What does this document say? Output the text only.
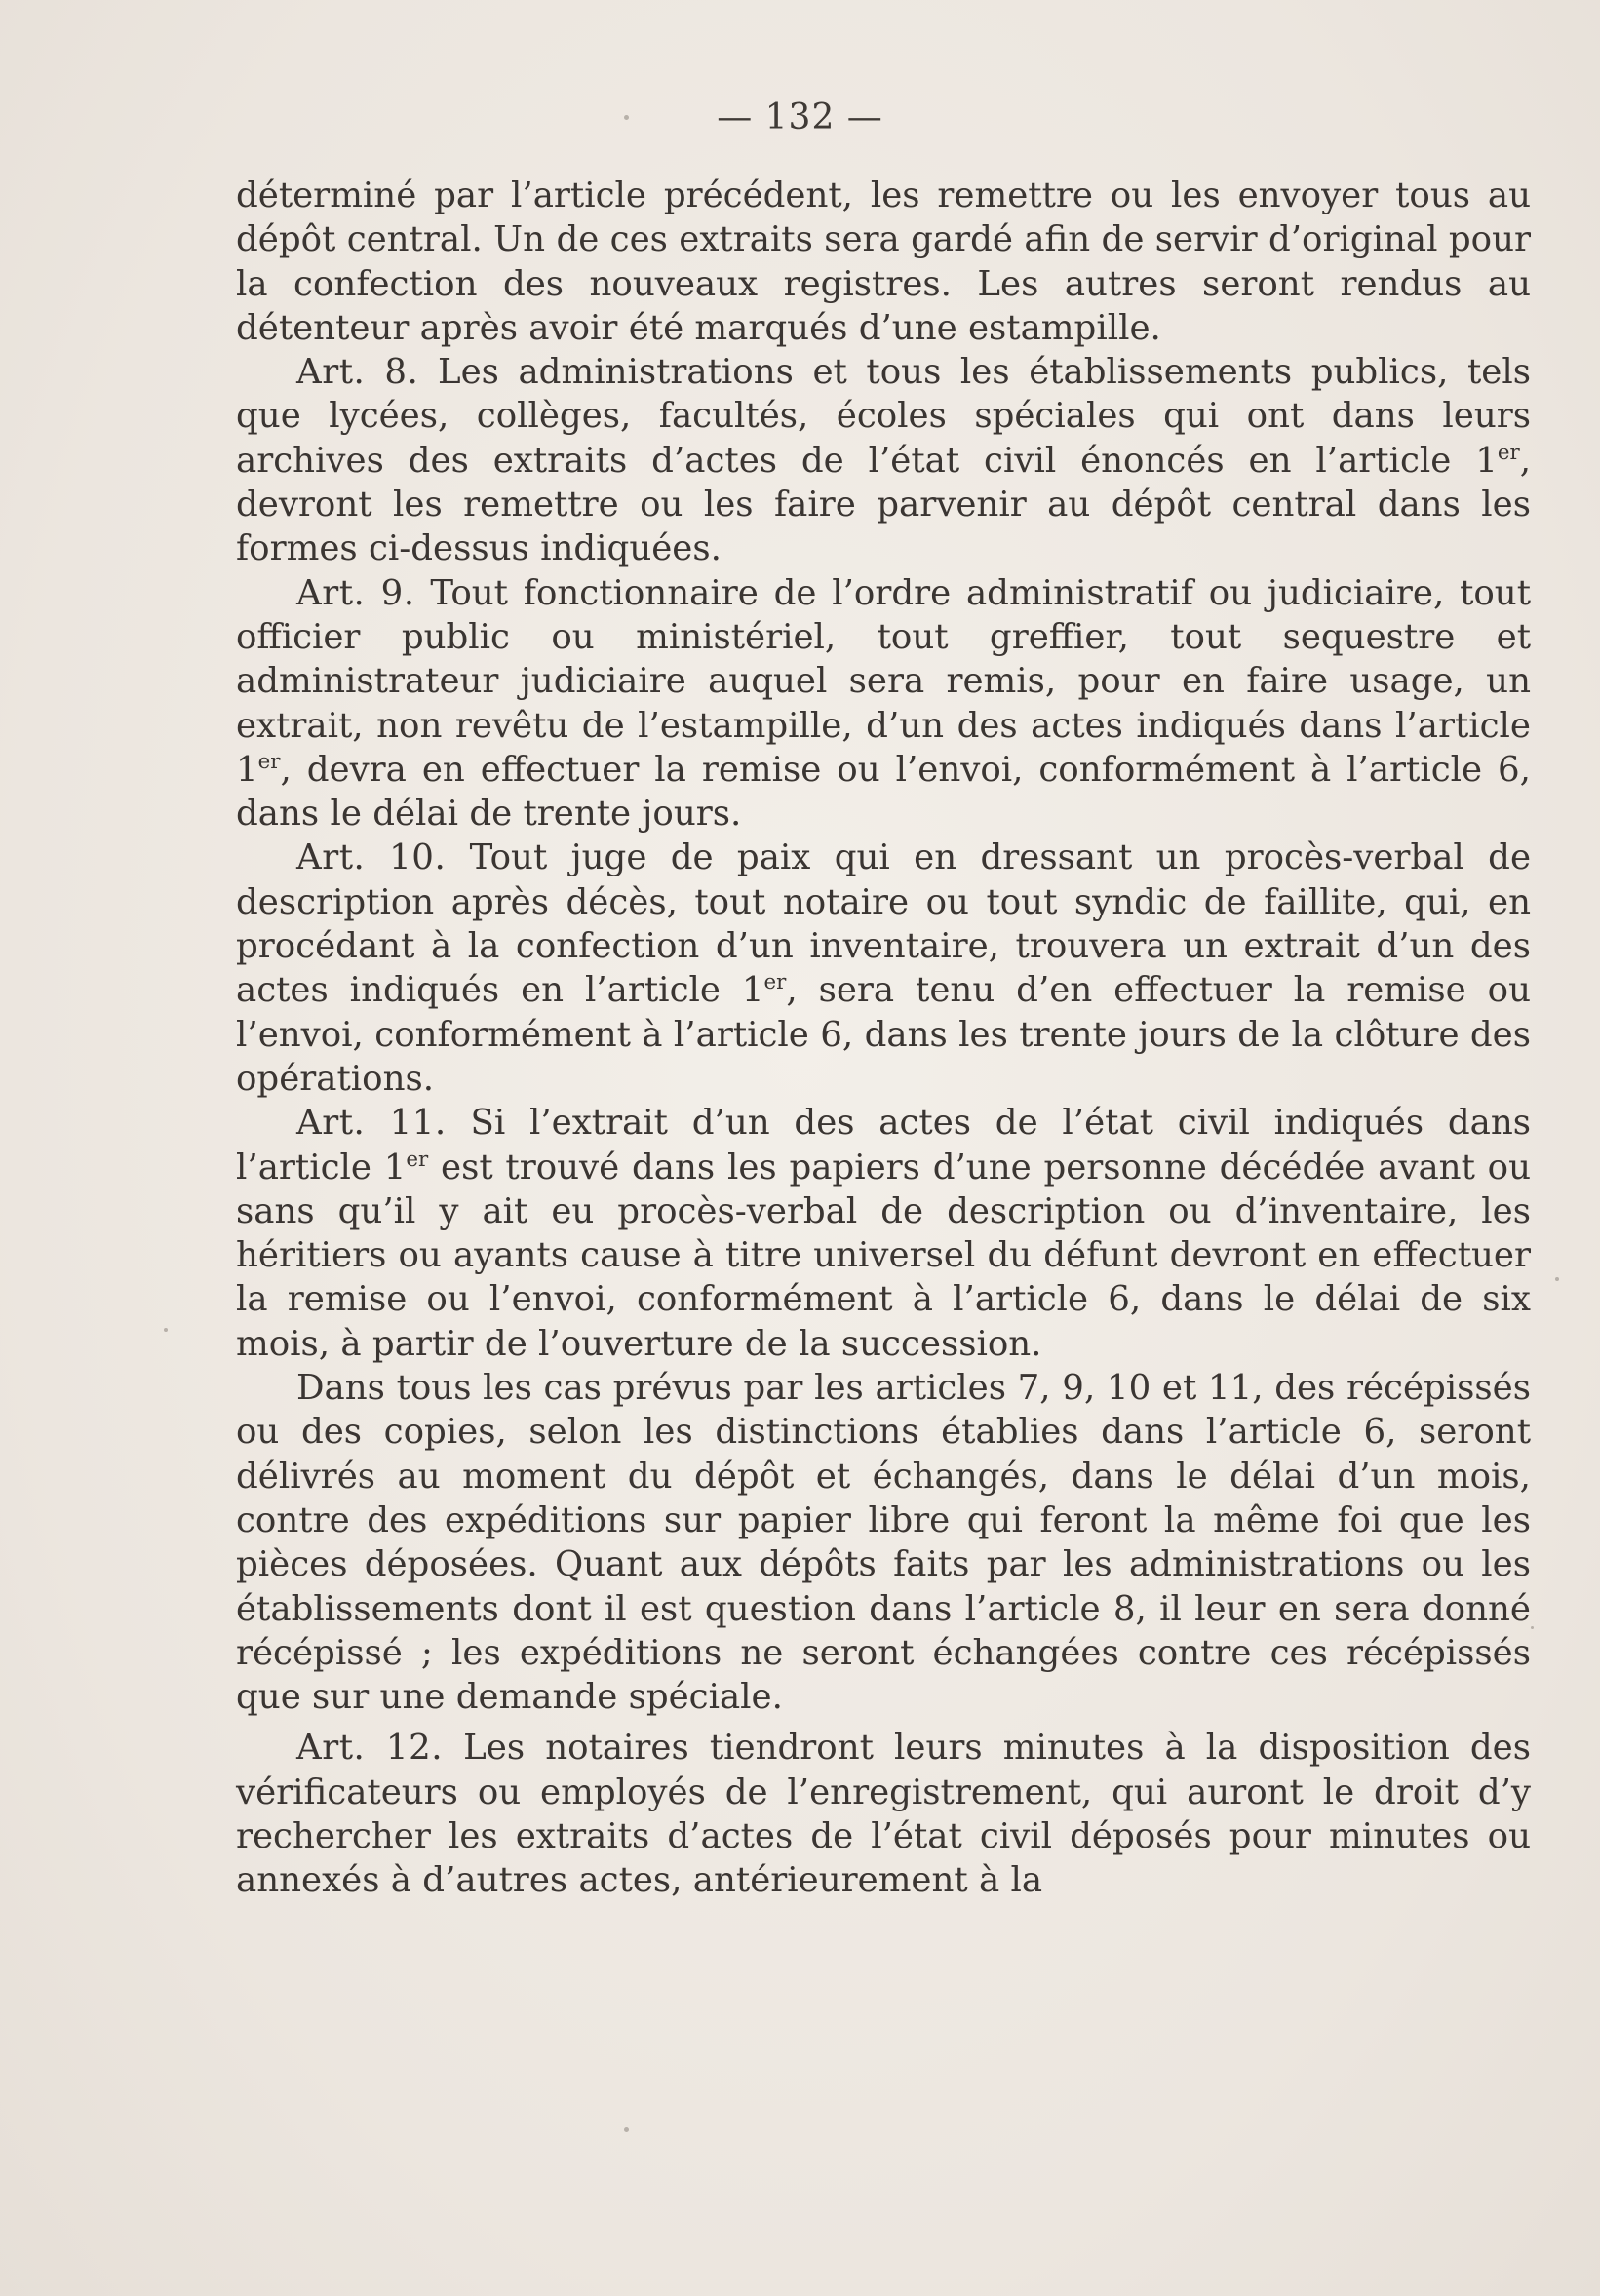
— 132 —

déterminé par l’article précédent, les remettre ou les envoyer tous au dépôt central. Un de ces extraits sera gardé afin de servir d’original pour la confection des nouveaux registres. Les autres seront rendus au détenteur après avoir été marqués d’une estampille.

Art. 8. Les administrations et tous les établissements publics, tels que lycées, collèges, facultés, écoles spéciales qui ont dans leurs archives des extraits d’actes de l’état civil énoncés en l’article 1er, devront les remettre ou les faire parvenir au dépôt central dans les formes ci-dessus indiquées.

Art. 9. Tout fonctionnaire de l’ordre administratif ou judiciaire, tout officier public ou ministériel, tout greffier, tout sequestre et administrateur judiciaire auquel sera remis, pour en faire usage, un extrait, non revêtu de l’estampille, d’un des actes indiqués dans l’article 1er, devra en effectuer la remise ou l’envoi, conformément à l’article 6, dans le délai de trente jours.

Art. 10. Tout juge de paix qui en dressant un procès-verbal de description après décès, tout notaire ou tout syndic de faillite, qui, en procédant à la confection d’un inventaire, trouvera un extrait d’un des actes indiqués en l’article 1er, sera tenu d’en effectuer la remise ou l’envoi, conformément à l’article 6, dans les trente jours de la clôture des opérations.

Art. 11. Si l’extrait d’un des actes de l’état civil indiqués dans l’article 1er est trouvé dans les papiers d’une personne décédée avant ou sans qu’il y ait eu procès-verbal de description ou d’inventaire, les héritiers ou ayants cause à titre universel du défunt devront en effectuer la remise ou l’envoi, conformément à l’article 6, dans le délai de six mois, à partir de l’ouverture de la succession.

Dans tous les cas prévus par les articles 7, 9, 10 et 11, des récépissés ou des copies, selon les distinctions établies dans l’article 6, seront délivrés au moment du dépôt et échangés, dans le délai d’un mois, contre des expéditions sur papier libre qui feront la même foi que les pièces déposées. Quant aux dépôts faits par les administrations ou les établissements dont il est question dans l’article 8, il leur en sera donné récépissé ; les expéditions ne seront échangées contre ces récépissés que sur une demande spéciale.

Art. 12. Les notaires tiendront leurs minutes à la disposition des vérificateurs ou employés de l’enregistrement, qui auront le droit d’y rechercher les extraits d’actes de l’état civil déposés pour minutes ou annexés à d’autres actes, antérieurement à la
